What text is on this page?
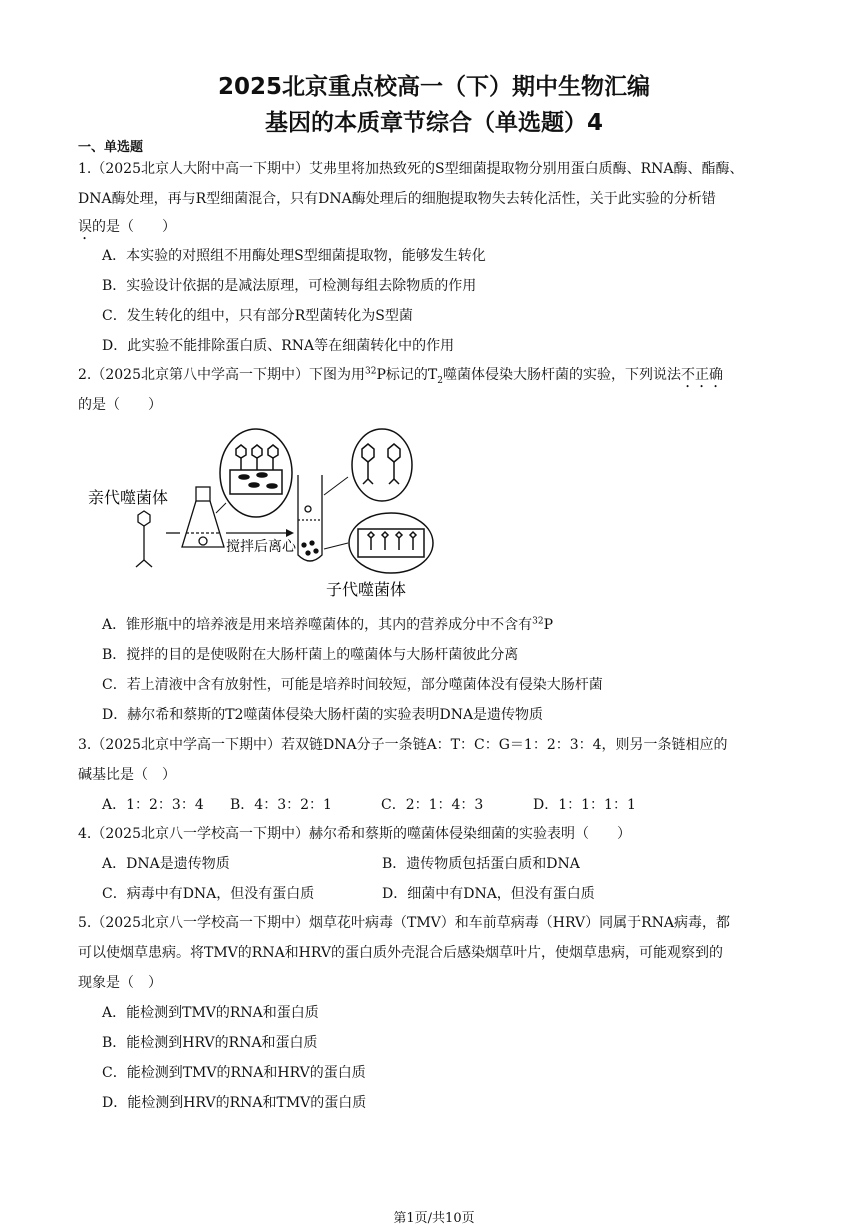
2025北京重点校高一（下）期中生物汇编
基因的本质章节综合（单选题）4
一、单选题
1.（2025北京人大附中高一下期中）艾弗里将加热致死的S型细菌提取物分别用蛋白质酶、RNA酶、酯酶、
DNA酶处理，再与R型细菌混合，只有DNA酶处理后的细胞提取物失去转化活性，关于此实验的分析错
误的是（　　）
A．本实验的对照组不用酶处理S型细菌提取物，能够发生转化
B．实验设计依据的是减法原理，可检测每组去除物质的作用
C．发生转化的组中，只有部分R型菌转化为S型菌
D．此实验不能排除蛋白质、RNA等在细菌转化中的作用
2.（2025北京第八中学高一下期中）下图为用$^{32}$P标记的$T_2$噬菌体侵染大肠杆菌的实验，下列说法不正确
的是（　　）
亲代噬菌体
搅拌后离心
子代噬菌体
A．锥形瓶中的培养液是用来培养噬菌体的，其内的营养成分中不含有$^{32}$P
B．搅拌的目的是使吸附在大肠杆菌上的噬菌体与大肠杆菌彼此分离
C．若上清液中含有放射性，可能是培养时间较短，部分噬菌体没有侵染大肠杆菌
D．赫尔希和蔡斯的T2噬菌体侵染大肠杆菌的实验表明DNA是遗传物质
3.（2025北京中学高一下期中）若双链DNA分子一条链A：T：C：G＝1：2：3：4，则另一条链相应的
碱基比是（　）
A．1：2：3：4 B．4：3：2：1	C．2：1：4：3	D．1：1：1：1
4.（2025北京八一学校高一下期中）赫尔希和蔡斯的噬菌体侵染细菌的实验表明（　　）
A．DNA是遗传物质	B．遗传物质包括蛋白质和DNA
C．病毒中有DNA，但没有蛋白质	D．细菌中有DNA，但没有蛋白质
5.（2025北京八一学校高一下期中）烟草花叶病毒（TMV）和车前草病毒（HRV）同属于RNA病毒，都
可以使烟草患病。将TMV的RNA和HRV的蛋白质外壳混合后感染烟草叶片，使烟草患病，可能观察到的
现象是（　）
A．能检测到TMV的RNA和蛋白质
B．能检测到HRV的RNA和蛋白质
C．能检测到TMV的RNA和HRV的蛋白质
D．能检测到HRV的RNA和TMV的蛋白质
第1页/共10页
